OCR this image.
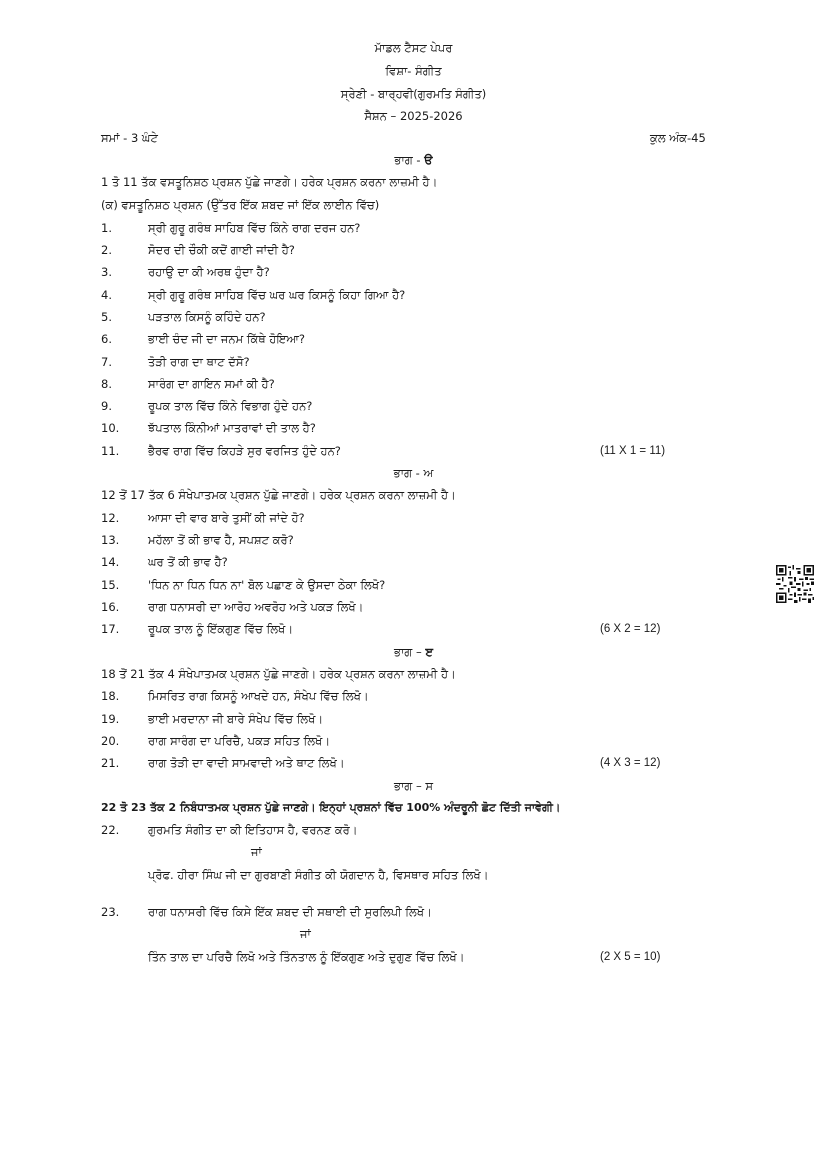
ਮਾੱਡਲ ਟੈਸਟ ਪੇਪਰ
ਵਿਸ਼ਾ- ਸੰਗੀਤ
ਸ੍ਰੇਣੀ - ਬਾਰ੍ਹਵੀ(ਗੁਰਮਤਿ ਸੰਗੀਤ)
ਸੈਸ਼ਨ – 2025-2026
ਸਮਾਂ - 3 ਘੰਟੇ	ਕੁਲ ਅੰਕ-45
ਭਾਗ - ੳ
1 ਤੋ 11 ਤੱਕ ਵਸਤੂਨਿਸ਼ਠ ਪ੍ਰਸ਼ਨ ਪੁੱਛੇ ਜਾਣਗੇ। ਹਰੇਕ ਪ੍ਰਸ਼ਨ ਕਰਨਾ ਲਾਜ਼ਮੀ ਹੈ।
(ਕ) ਵਸਤੂਨਿਸ਼ਠ ਪ੍ਰਸ਼ਨ (ਉੱਤਰ ਇੱਕ ਸ਼ਬਦ ਜਾਂ ਇੱਕ ਲਾਈਨ ਵਿੱਚ)
1.	ਸ੍ਰੀ ਗੁਰੂ ਗਰੰਥ ਸਾਹਿਬ ਵਿੱਚ ਕਿੰਨੇ ਰਾਗ ਦਰਜ ਹਨ?
2.	ਸੋਦਰ ਦੀ ਚੌਕੀ ਕਦੋਂ ਗਾਈ ਜਾਂਦੀ ਹੈ?
3.	ਰਹਾਉ ਦਾ ਕੀ ਅਰਥ ਹੁੰਦਾ ਹੈ?
4.	ਸ੍ਰੀ ਗੁਰੂ ਗਰੰਥ ਸਾਹਿਬ ਵਿੱਚ ਘਰ ਘਰ ਕਿਸਨੂੰ ਕਿਹਾ ਗਿਆ ਹੈ?
5.	ਪੜਤਾਲ ਕਿਸਨੂੰ ਕਹਿੰਦੇ ਹਨ?
6.	ਭਾਈ ਚੰਦ ਜੀ ਦਾ ਜਨਮ ਕਿੱਥੇ ਹੋਇਆ?
7.	ਤੋੜੀ ਰਾਗ ਦਾ ਥਾਟ ਦੱਸੋ?
8.	ਸਾਰੰਗ ਦਾ ਗਾਇਨ ਸਮਾਂ ਕੀ ਹੈ?
9.	ਰੂਪਕ ਤਾਲ ਵਿੱਚ ਕਿੰਨੇ ਵਿਭਾਗ ਹੁੰਦੇ ਹਨ?
10. ਝੱਪਤਾਲ ਕਿੰਨੀਆਂ ਮਾਤਰਾਵਾਂ ਦੀ ਤਾਲ ਹੈ?
11. ਭੈਰਵ ਰਾਗ ਵਿੱਚ ਕਿਹੜੇ ਸੁਰ ਵਰਜਿਤ ਹੁੰਦੇ ਹਨ?	(11 X 1 = 11)
ਭਾਗ - ਅ
12 ਤੋਂ 17 ਤੱਕ 6 ਸੰਖੇਪਾਤਮਕ ਪ੍ਰਸ਼ਨ ਪੁੱਛੇ ਜਾਣਗੇ। ਹਰੇਕ ਪ੍ਰਸ਼ਨ ਕਰਨਾ ਲਾਜ਼ਮੀ ਹੈ।
12. ਆਸਾ ਦੀ ਵਾਰ ਬਾਰੇ ਤੁਸੀਂ ਕੀ ਜਾਂਦੇ ਹੋ?
13. ਮਹੱਲਾ ਤੋਂ ਕੀ ਭਾਵ ਹੈ, ਸਪਸ਼ਟ ਕਰੋ?
14. ਘਰ ਤੋਂ ਕੀ ਭਾਵ ਹੈ?
15. 'ਧਿਨ ਨਾ ਧਿਨ ਧਿਨ ਨਾ' ਬੋਲ ਪਛਾਣ ਕੇ ਉਸਦਾ ਠੇਕਾ ਲਿਖੋ?
16. ਰਾਗ ਧਨਾਸਰੀ ਦਾ ਆਰੋਹ ਅਵਰੋਹ ਅਤੇ ਪਕੜ ਲਿਖੋ।
17. ਰੂਪਕ ਤਾਲ ਨੂੰ ਇੱਕਗੁਣ ਵਿੱਚ ਲਿਖੋ।	(6 X 2 = 12)
ਭਾਗ – ੲ
18 ਤੋਂ 21 ਤੱਕ 4 ਸੰਖੇਪਾਤਮਕ ਪ੍ਰਸ਼ਨ ਪੁੱਛੇ ਜਾਣਗੇ। ਹਰੇਕ ਪ੍ਰਸ਼ਨ ਕਰਨਾ ਲਾਜ਼ਮੀ ਹੈ।
18. ਮਿਸਰਿਤ ਰਾਗ ਕਿਸਨੂੰ ਆਖਦੇ ਹਨ, ਸੰਖੇਪ ਵਿੱਚ ਲਿਖੋ।
19. ਭਾਈ ਮਰਦਾਨਾ ਜੀ ਬਾਰੇ ਸੰਖੇਪ ਵਿੱਚ ਲਿਖੋ।
20. ਰਾਗ ਸਾਰੰਗ ਦਾ ਪਰਿਚੈ, ਪਕੜ ਸਹਿਤ ਲਿਖੋ।
21. ਰਾਗ ਤੋੜੀ ਦਾ ਵਾਦੀ ਸਾਮਵਾਦੀ ਅਤੇ ਥਾਟ ਲਿਖੋ।	(4 X 3 = 12)
ਭਾਗ – ਸ
22 ਤੋ 23 ਤੱਕ 2 ਨਿਬੰਧਾਤਮਕ ਪ੍ਰਸ਼ਨ ਪੁੱਛੇ ਜਾਣਗੇ। ਇਨ੍ਹਾਂ ਪ੍ਰਸ਼ਨਾਂ ਵਿੱਚ 100% ਅੰਦਰੂਨੀ ਛੋਟ ਦਿੱਤੀ ਜਾਵੇਗੀ।
22. ਗੁਰਮਤਿ ਸੰਗੀਤ ਦਾ ਕੀ ਇਤਿਹਾਸ ਹੈ, ਵਰਨਣ ਕਰੋ।
ਜਾਂ
ਪ੍ਰੋਫ. ਹੀਰਾ ਸਿੰਘ ਜੀ ਦਾ ਗੁਰਬਾਣੀ ਸੰਗੀਤ ਕੀ ਯੋਗਦਾਨ ਹੈ, ਵਿਸਥਾਰ ਸਹਿਤ ਲਿਖੋ।
23. ਰਾਗ ਧਨਾਸਰੀ ਵਿੱਚ ਕਿਸੇ ਇੱਕ ਸ਼ਬਦ ਦੀ ਸਥਾਈ ਦੀ ਸੁਰਲਿਪੀ ਲਿਖੋ।
ਜਾਂ
ਤਿੰਨ ਤਾਲ ਦਾ ਪਰਿਚੈ ਲਿਖੋ ਅਤੇ ਤਿੰਨਤਾਲ ਨੂੰ ਇੱਕਗੁਣ ਅਤੇ ਦੁਗੁਣ ਵਿੱਚ ਲਿਖੋ।	(2 X 5 = 10)
